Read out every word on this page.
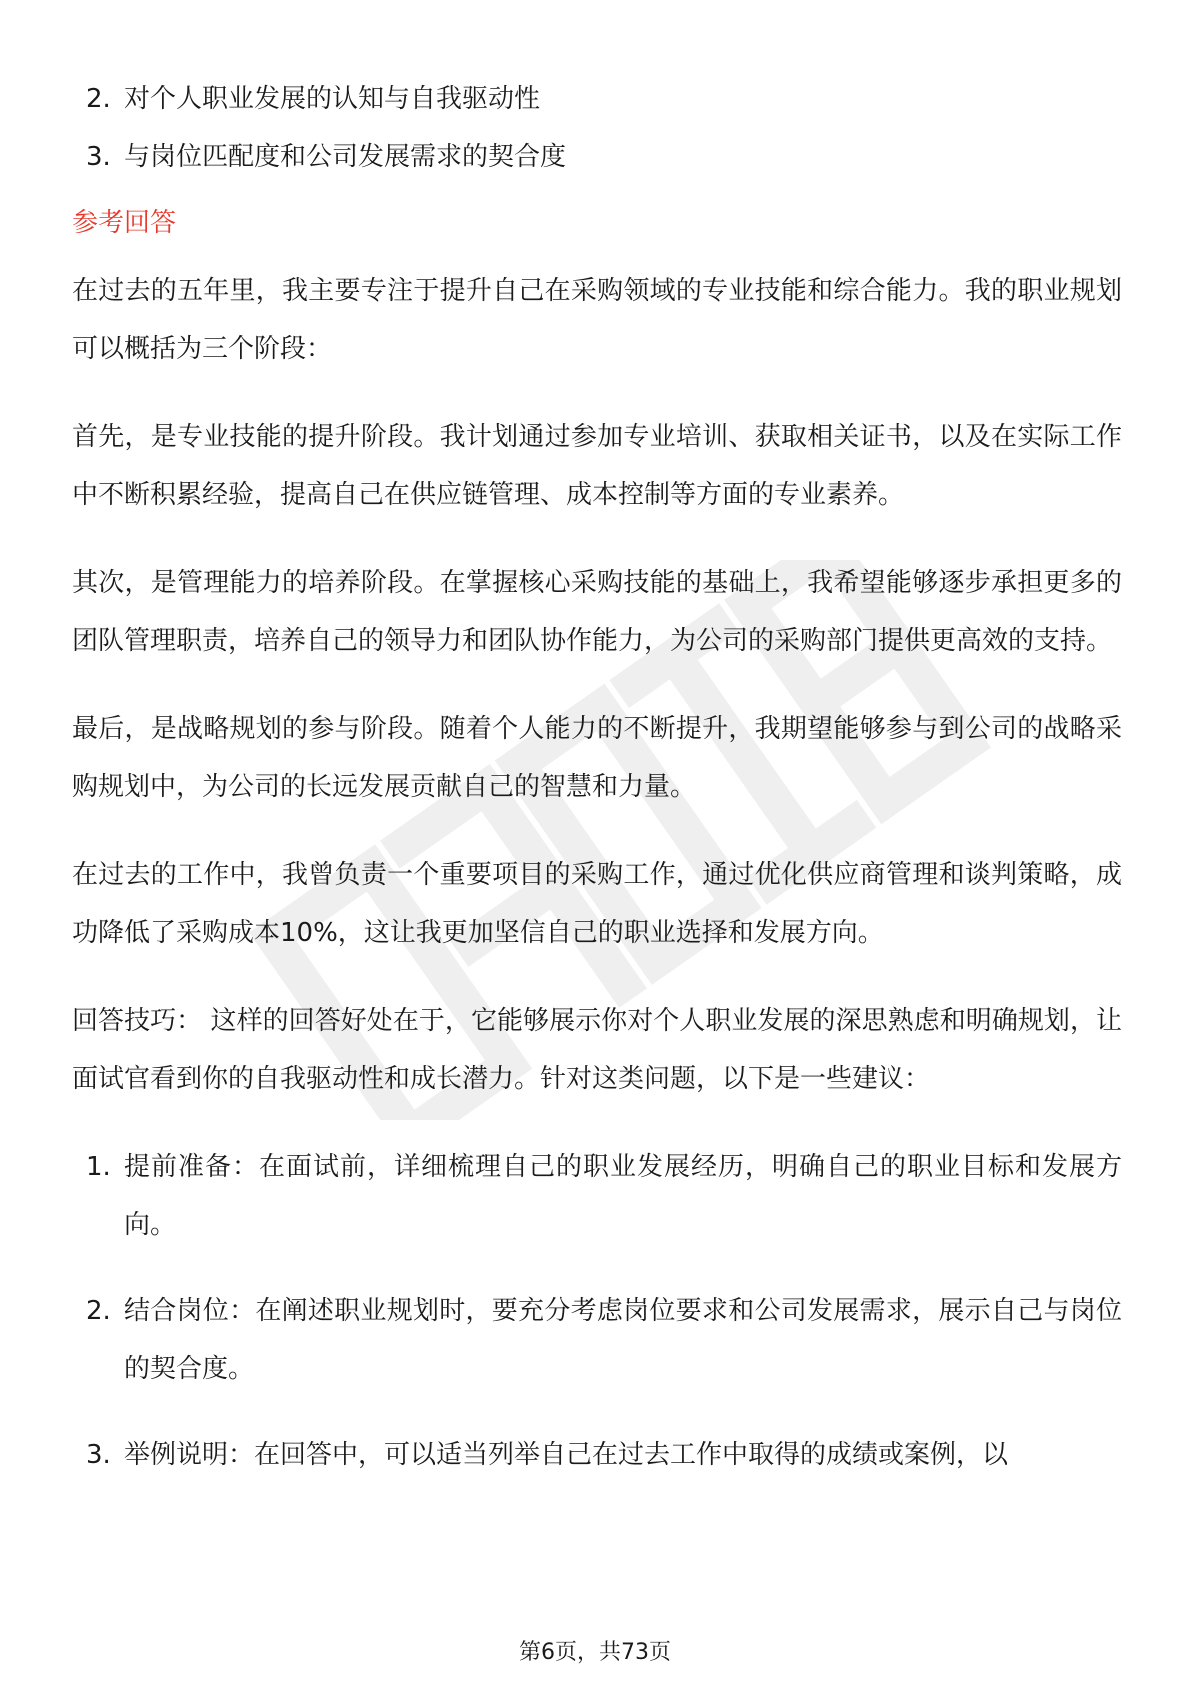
2. 对个人职业发展的认知与自我驱动性
3. 与岗位匹配度和公司发展需求的契合度
参考回答

在过去的五年里，我主要专注于提升自己在采购领域的专业技能和综合能力。我的职业规划可以概括为三个阶段：

首先，是专业技能的提升阶段。我计划通过参加专业培训、获取相关证书，以及在实际工作中不断积累经验，提高自己在供应链管理、成本控制等方面的专业素养。

其次，是管理能力的培养阶段。在掌握核心采购技能的基础上，我希望能够逐步承担更多的团队管理职责，培养自己的领导力和团队协作能力，为公司的采购部门提供更高效的支持。

最后，是战略规划的参与阶段。随着个人能力的不断提升，我期望能够参与到公司的战略采购规划中，为公司的长远发展贡献自己的智慧和力量。

在过去的工作中，我曾负责一个重要项目的采购工作，通过优化供应商管理和谈判策略，成功降低了采购成本10%，这让我更加坚信自己的职业选择和发展方向。

回答技巧： 这样的回答好处在于，它能够展示你对个人职业发展的深思熟虑和明确规划，让面试官看到你的自我驱动性和成长潜力。针对这类问题，以下是一些建议：

1. 提前准备：在面试前，详细梳理自己的职业发展经历，明确自己的职业目标和发展方向。
2. 结合岗位：在阐述职业规划时，要充分考虑岗位要求和公司发展需求，展示自己与岗位的契合度。
3. 举例说明：在回答中，可以适当列举自己在过去工作中取得的成绩或案例，以
第6页，共73页
